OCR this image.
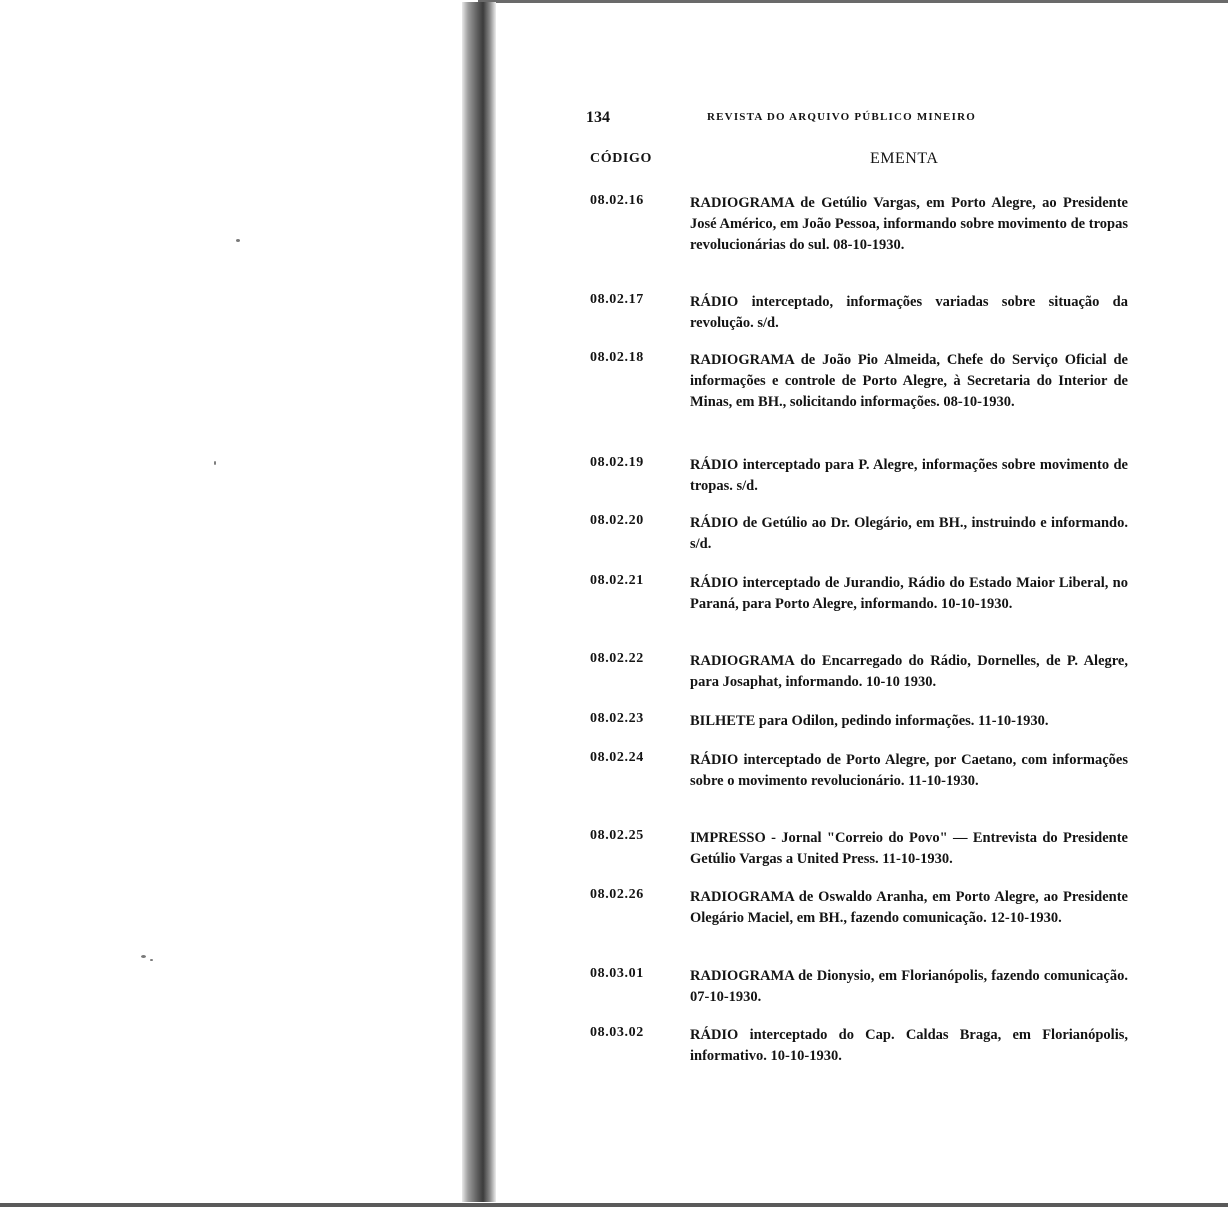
134	REVISTA DO ARQUIVO PÚBLICO MINEIRO
CÓDIGO	EMENTA
08.02.16	RADIOGRAMA de Getúlio Vargas, em Porto Alegre, ao Presidente José Américo, em João Pessoa, informando sobre movimento de tropas revolucionárias do sul. 08-10-1930.
08.02.17	RÁDIO interceptado, informações variadas sobre situação da revolução. s/d.
08.02.18	RADIOGRAMA de João Pio Almeida, Chefe do Serviço Oficial de informações e controle de Porto Alegre, à Secretaria do Interior de Minas, em BH., solicitando informações. 08-10-1930.
08.02.19	RÁDIO interceptado para P. Alegre, informações sobre movimento de tropas. s/d.
08.02.20	RÁDIO de Getúlio ao Dr. Olegário, em BH., instruindo e informando. s/d.
08.02.21	RÁDIO interceptado de Jurandio, Rádio do Estado Maior Liberal, no Paraná, para Porto Alegre, informando. 10-10-1930.
08.02.22	RADIOGRAMA do Encarregado do Rádio, Dornelles, de P. Alegre, para Josaphat, informando. 10-10 1930.
08.02.23	BILHETE para Odilon, pedindo informações. 11-10-1930.
08.02.24	RÁDIO interceptado de Porto Alegre, por Caetano, com informações sobre o movimento revolucionário. 11-10-1930.
08.02.25	IMPRESSO - Jornal "Correio do Povo" — Entrevista do Presidente Getúlio Vargas a United Press. 11-10-1930.
08.02.26	RADIOGRAMA de Oswaldo Aranha, em Porto Alegre, ao Presidente Olegário Maciel, em BH., fazendo comunicação. 12-10-1930.
08.03.01	RADIOGRAMA de Dionysio, em Florianópolis, fazendo comunicação. 07-10-1930.
08.03.02	RÁDIO interceptado do Cap. Caldas Braga, em Florianópolis, informativo. 10-10-1930.
